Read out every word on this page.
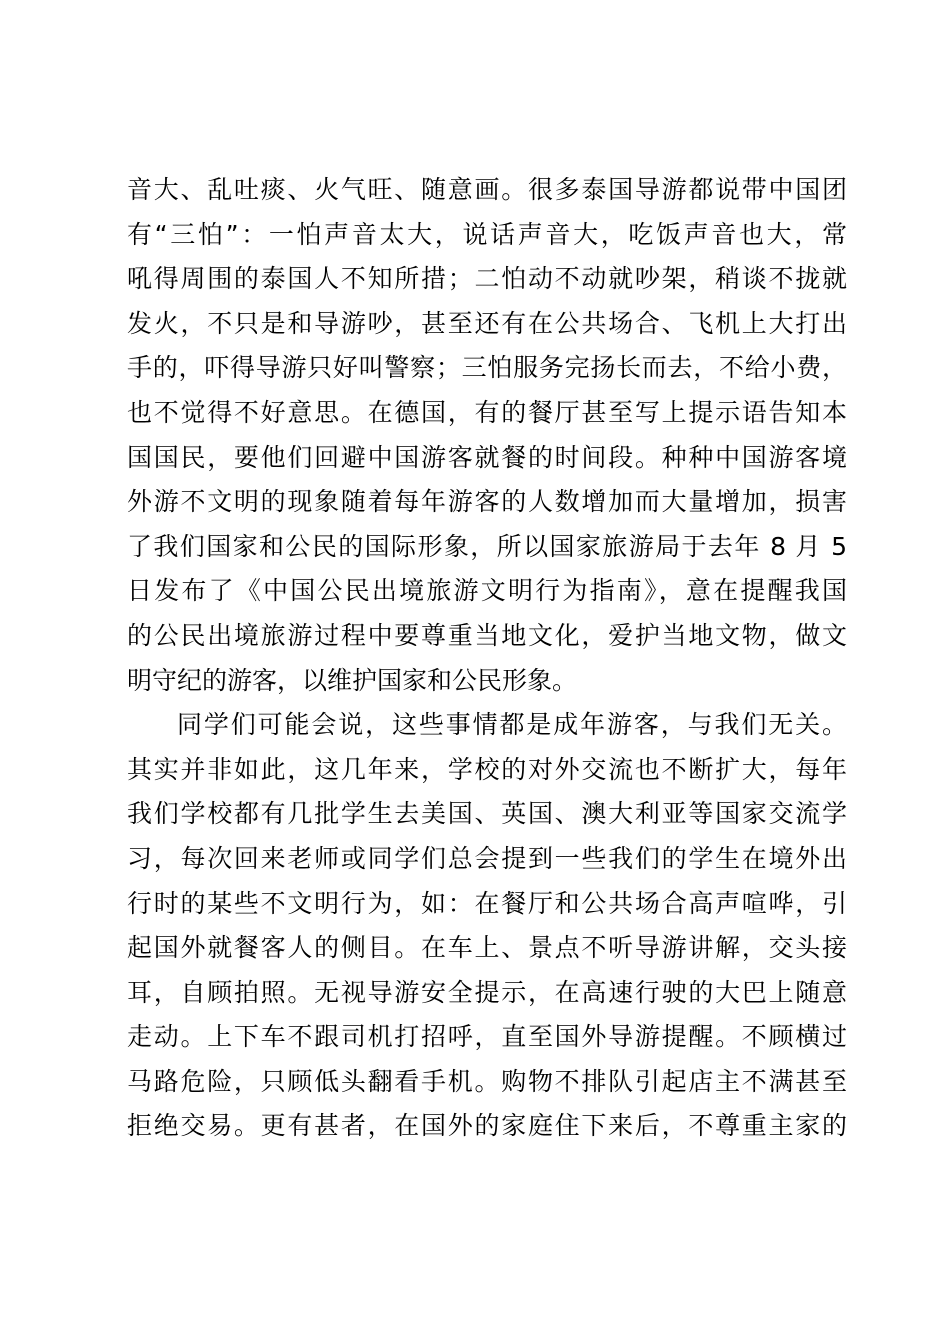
音大、乱吐痰、火气旺、随意画。很多泰国导游都说带中国团
有“三怕”：一怕声音太大，说话声音大，吃饭声音也大，常
吼得周围的泰国人不知所措；二怕动不动就吵架，稍谈不拢就
发火，不只是和导游吵，甚至还有在公共场合、飞机上大打出
手的，吓得导游只好叫警察；三怕服务完扬长而去，不给小费，
也不觉得不好意思。在德国，有的餐厅甚至写上提示语告知本
国国民，要他们回避中国游客就餐的时间段。种种中国游客境
外游不文明的现象随着每年游客的人数增加而大量增加，损害
了我们国家和公民的国际形象，所以国家旅游局于去年 8 月 5
日发布了《中国公民出境旅游文明行为指南》，意在提醒我国
的公民出境旅游过程中要尊重当地文化，爱护当地文物，做文
明守纪的游客，以维护国家和公民形象。
同学们可能会说，这些事情都是成年游客，与我们无关。
其实并非如此，这几年来，学校的对外交流也不断扩大，每年
我们学校都有几批学生去美国、英国、澳大利亚等国家交流学
习，每次回来老师或同学们总会提到一些我们的学生在境外出
行时的某些不文明行为，如：在餐厅和公共场合高声喧哗，引
起国外就餐客人的侧目。在车上、景点不听导游讲解，交头接
耳，自顾拍照。无视导游安全提示，在高速行驶的大巴上随意
走动。上下车不跟司机打招呼，直至国外导游提醒。不顾横过
马路危险，只顾低头翻看手机。购物不排队引起店主不满甚至
拒绝交易。更有甚者，在国外的家庭住下来后，不尊重主家的
